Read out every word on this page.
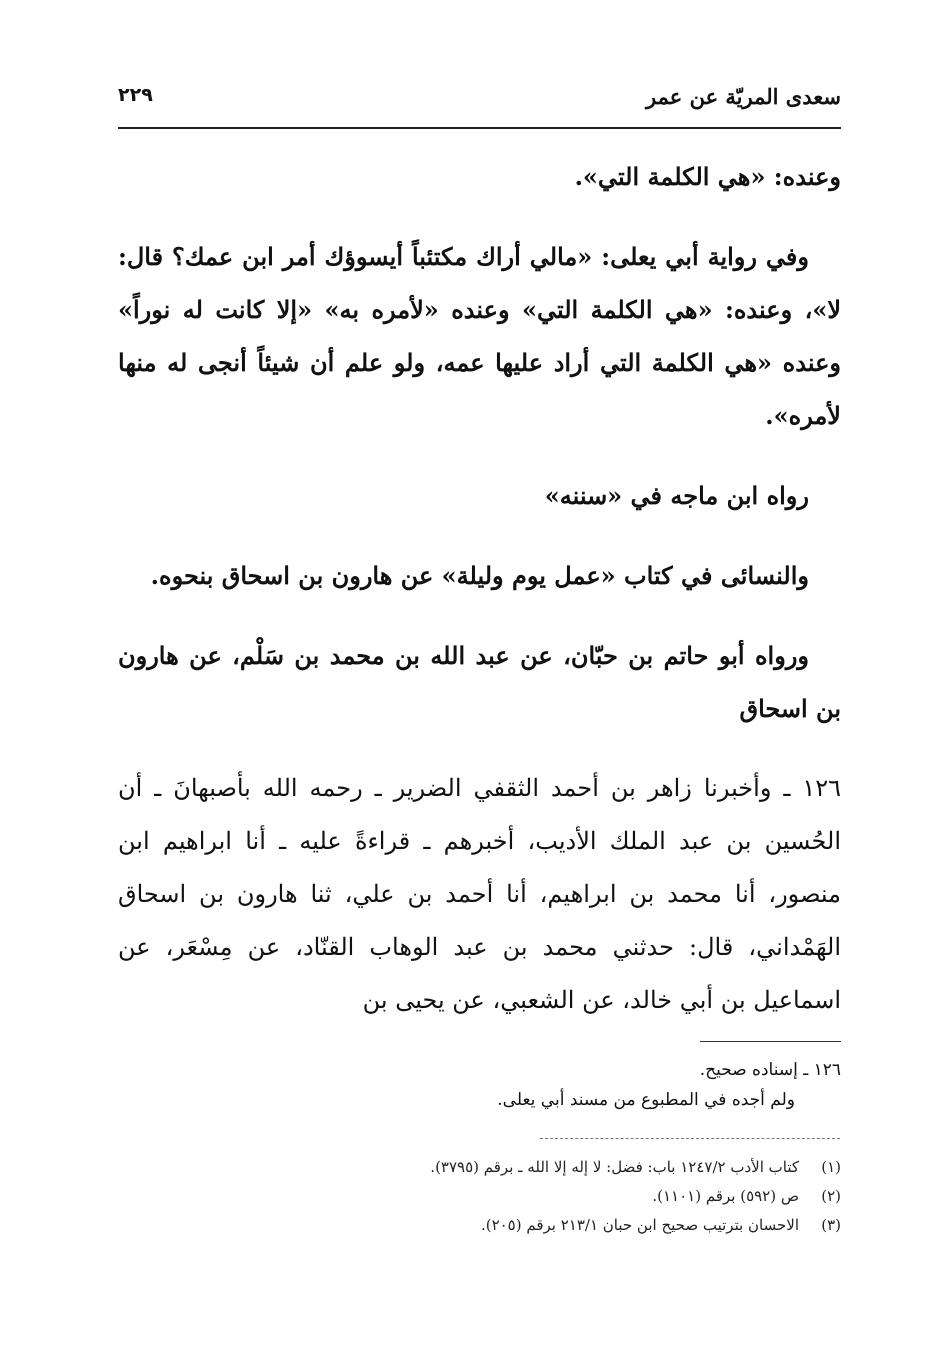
سعدى المريّة عن عمر
٢٢٩

وعنده: «هي الكلمة التي».

وفي رواية أبي يعلى: «مالي أراك مكتئباً أيسوؤك أمر ابن عمك؟ قال: لا»، وعنده: «هي الكلمة التي» وعنده «لأمره به» «إلا كانت له نوراً» وعنده «هي الكلمة التي أراد عليها عمه، ولو علم أن شيئاً أنجى له منها لأمره».

رواه ابن ماجه في «سننه»

والنسائى في كتاب «عمل يوم وليلة» عن هارون بن اسحاق بنحوه.

ورواه أبو حاتم بن حبّان، عن عبد الله بن محمد بن سَلْم، عن هارون بن اسحاق

١٢٦ ـ وأخبرنا زاهر بن أحمد الثقفي الضرير ـ رحمه الله بأصبهانَ ـ أن الحُسين بن عبد الملك الأديب، أخبرهم ـ قراءةً عليه ـ أنا ابراهيم ابن منصور، أنا محمد بن ابراهيم، أنا أحمد بن علي، ثنا هارون بن اسحاق الهَمْداني، قال: حدثني محمد بن عبد الوهاب القنّاد، عن مِسْعَر، عن اسماعيل بن أبي خالد، عن الشعبي، عن يحيى بن

١٢٦ ـ إسناده صحيح.
ولم أجده في المطبوع من مسند أبي يعلى.
(١)كتاب الأدب ١٢٤٧/٢ باب: فضل: لا إله إلا الله ـ برقم (٣٧٩٥).
(٢)ص (٥٩٢) برقم (١١٠١).
(٣)الاحسان بترتيب صحيح ابن حبان ٢١٣/١ برقم (٢٠٥).
